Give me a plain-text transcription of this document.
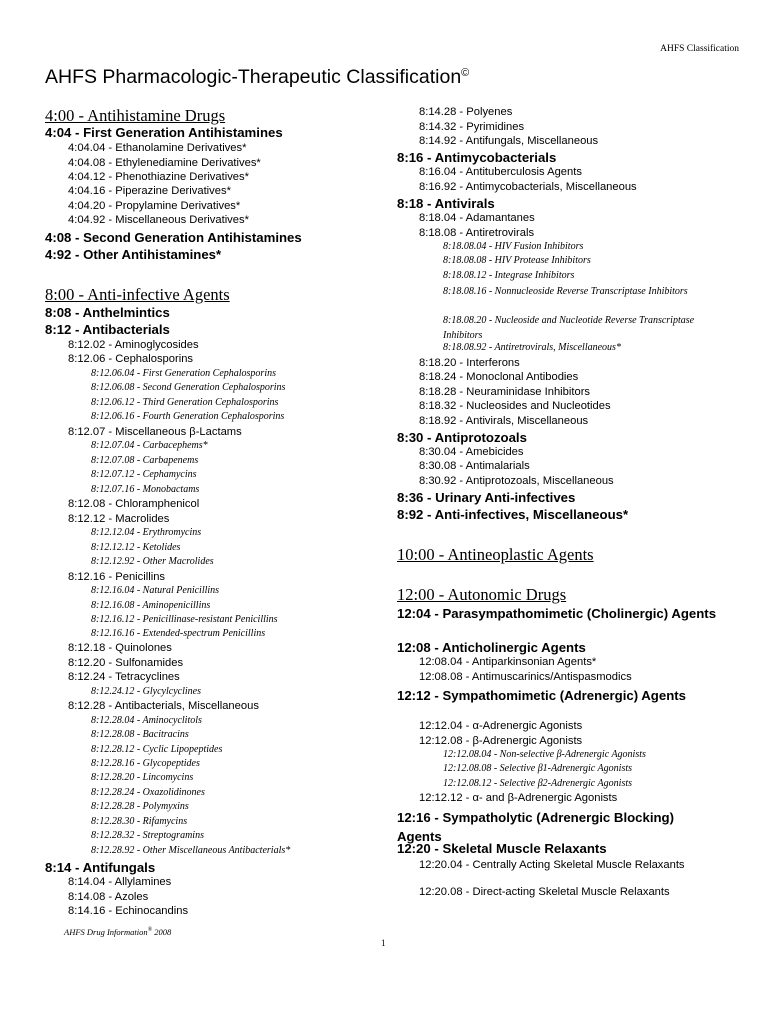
AHFS Classification
AHFS Pharmacologic-Therapeutic Classification©
4:00 - Antihistamine Drugs
4:04 - First Generation Antihistamines
4:04.04 - Ethanolamine Derivatives*
4:04.08 - Ethylenediamine Derivatives*
4:04.12 - Phenothiazine Derivatives*
4:04.16 - Piperazine Derivatives*
4:04.20 - Propylamine Derivatives*
4:04.92 - Miscellaneous Derivatives*
4:08 - Second Generation Antihistamines
4:92 - Other Antihistamines*
8:00 - Anti-infective Agents
8:08 - Anthelmintics
8:12 - Antibacterials
8:12.02 - Aminoglycosides
8:12.06 - Cephalosporins
8:12.06.04 - First Generation Cephalosporins
8:12.06.08 - Second Generation Cephalosporins
8:12.06.12 - Third Generation Cephalosporins
8:12.06.16 - Fourth Generation Cephalosporins
8:12.07 - Miscellaneous β-Lactams
8:12.07.04 - Carbacephems*
8:12.07.08 - Carbapenems
8:12.07.12 - Cephamycins
8:12.07.16 - Monobactams
8:12.08 - Chloramphenicol
8:12.12 - Macrolides
8:12.12.04 - Erythromycins
8:12.12.12 - Ketolides
8:12.12.92 - Other Macrolides
8:12.16 - Penicillins
8:12.16.04 - Natural Penicillins
8:12.16.08 - Aminopenicillins
8:12.16.12 - Penicillinase-resistant Penicillins
8:12.16.16 - Extended-spectrum Penicillins
8:12.18 - Quinolones
8:12.20 - Sulfonamides
8:12.24 - Tetracyclines
8:12.24.12 - Glycylcyclines
8:12.28 - Antibacterials, Miscellaneous
8:12.28.04 - Aminocyclitols
8:12.28.08 - Bacitracins
8:12.28.12 - Cyclic Lipopeptides
8:12.28.16 - Glycopeptides
8:12.28.20 - Lincomycins
8:12.28.24 - Oxazolidinones
8:12.28.28 - Polymyxins
8:12.28.30 - Rifamycins
8:12.28.32 - Streptogramins
8:12.28.92 - Other Miscellaneous Antibacterials*
8:14 - Antifungals
8:14.04 - Allylamines
8:14.08 - Azoles
8:14.16 - Echinocandins
8:14.28 - Polyenes
8:14.32 - Pyrimidines
8:14.92 - Antifungals, Miscellaneous
8:16 - Antimycobacterials
8:16.04 - Antituberculosis Agents
8:16.92 - Antimycobacterials, Miscellaneous
8:18 - Antivirals
8:18.04 - Adamantanes
8:18.08 - Antiretrovirals
8:18.08.04 - HIV Fusion Inhibitors
8:18.08.08 - HIV Protease Inhibitors
8:18.08.12 - Integrase Inhibitors
8:18.08.16 - Nonnucleoside Reverse Transcriptase Inhibitors
8:18.08.20 - Nucleoside and Nucleotide Reverse Transcriptase Inhibitors
8:18.08.92 - Antiretrovirals, Miscellaneous*
8:18.20 - Interferons
8:18.24 - Monoclonal Antibodies
8:18.28 - Neuraminidase Inhibitors
8:18.32 - Nucleosides and Nucleotides
8:18.92 - Antivirals, Miscellaneous
8:30 - Antiprotozoals
8:30.04 - Amebicides
8:30.08 - Antimalarials
8:30.92 - Antiprotozoals, Miscellaneous
8:36 - Urinary Anti-infectives
8:92 - Anti-infectives, Miscellaneous*
10:00 - Antineoplastic Agents
12:00 - Autonomic Drugs
12:04 - Parasympathomimetic (Cholinergic) Agents
12:08 - Anticholinergic Agents
12:08.04 - Antiparkinsonian Agents*
12:08.08 - Antimuscarinics/Antispasmodics
12:12 - Sympathomimetic (Adrenergic) Agents
12:12.04 - α-Adrenergic Agonists
12:12.08 - β-Adrenergic Agonists
12:12.08.04 - Non-selective β-Adrenergic Agonists
12:12.08.08 - Selective β1-Adrenergic Agonists
12:12.08.12 - Selective β2-Adrenergic Agonists
12:12.12 - α- and β-Adrenergic Agonists
12:16 - Sympatholytic (Adrenergic Blocking) Agents
12:20 - Skeletal Muscle Relaxants
12:20.04 - Centrally Acting Skeletal Muscle Relaxants
12:20.08 - Direct-acting Skeletal Muscle Relaxants
AHFS Drug Information® 2008
1
